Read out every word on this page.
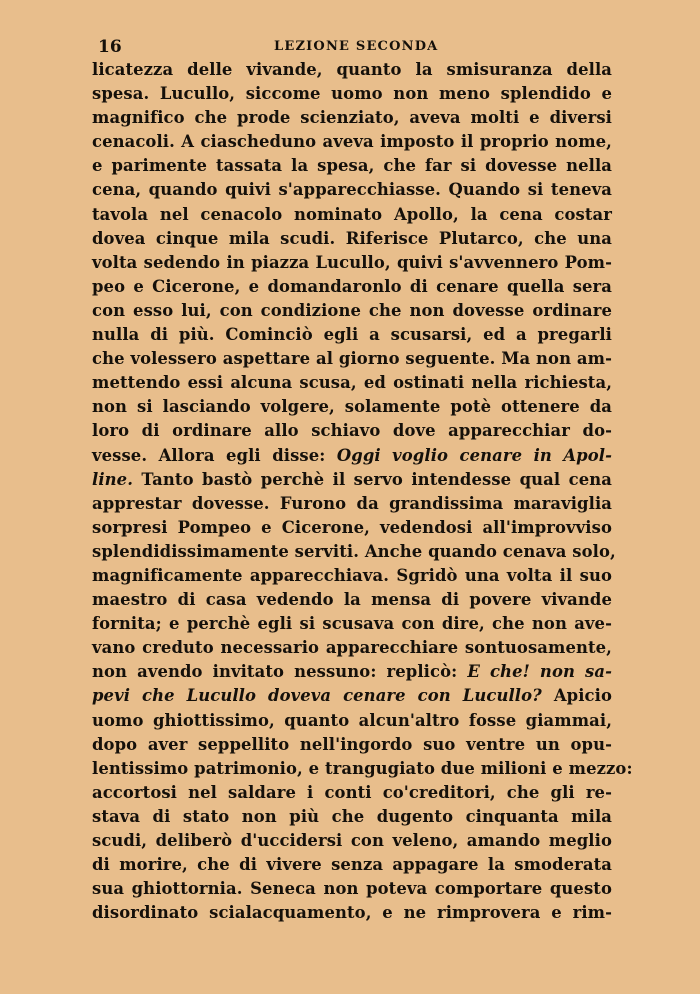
16	LEZIONE SECONDA
licatezza delle vivande, quanto la smisuranza della
spesa. Lucullo, siccome uomo non meno splendido e
magnifico che prode scienziato, aveva molti e diversi
cenacoli. A ciascheduno aveva imposto il proprio nome,
e parimente tassata la spesa, che far si dovesse nella
cena, quando quivi s'apparecchiasse. Quando si teneva
tavola nel cenacolo nominato Apollo, la cena costar
dovea cinque mila scudi. Riferisce Plutarco, che una
volta sedendo in piazza Lucullo, quivi s'avvennero Pom-
peo e Cicerone, e domandaronlo di cenare quella sera
con esso lui, con condizione che non dovesse ordinare
nulla di più. Cominciò egli a scusarsi, ed a pregarli
che volessero aspettare al giorno seguente. Ma non am-
mettendo essi alcuna scusa, ed ostinati nella richiesta,
non si lasciando volgere, solamente potè ottenere da
loro di ordinare allo schiavo dove apparecchiar do-
vesse. Allora egli disse: Oggi voglio cenare in Apol-
line. Tanto bastò perchè il servo intendesse qual cena
apprestar dovesse. Furono da grandissima maraviglia
sorpresi Pompeo e Cicerone, vedendosi all'improvviso
splendidissimamente serviti. Anche quando cenava solo,
magnificamente apparecchiava. Sgridò una volta il suo
maestro di casa vedendo la mensa di povere vivande
fornita; e perchè egli si scusava con dire, che non ave-
vano creduto necessario apparecchiare sontuosamente,
non avendo invitato nessuno: replicò: E che! non sa-
pevi che Lucullo doveva cenare con Lucullo? Apicio
uomo ghiottissimo, quanto alcun'altro fosse giammai,
dopo aver seppellito nell'ingordo suo ventre un opu-
lentissimo patrimonio, e trangugiato due milioni e mezzo:
accortosi nel saldare i conti co'creditori, che gli re-
stava di stato non più che dugento cinquanta mila
scudi, deliberò d'uccidersi con veleno, amando meglio
di morire, che di vivere senza appagare la smoderata
sua ghiottornia. Seneca non poteva comportare questo
disordinato scialacquamento, e ne rimprovera e rim-
